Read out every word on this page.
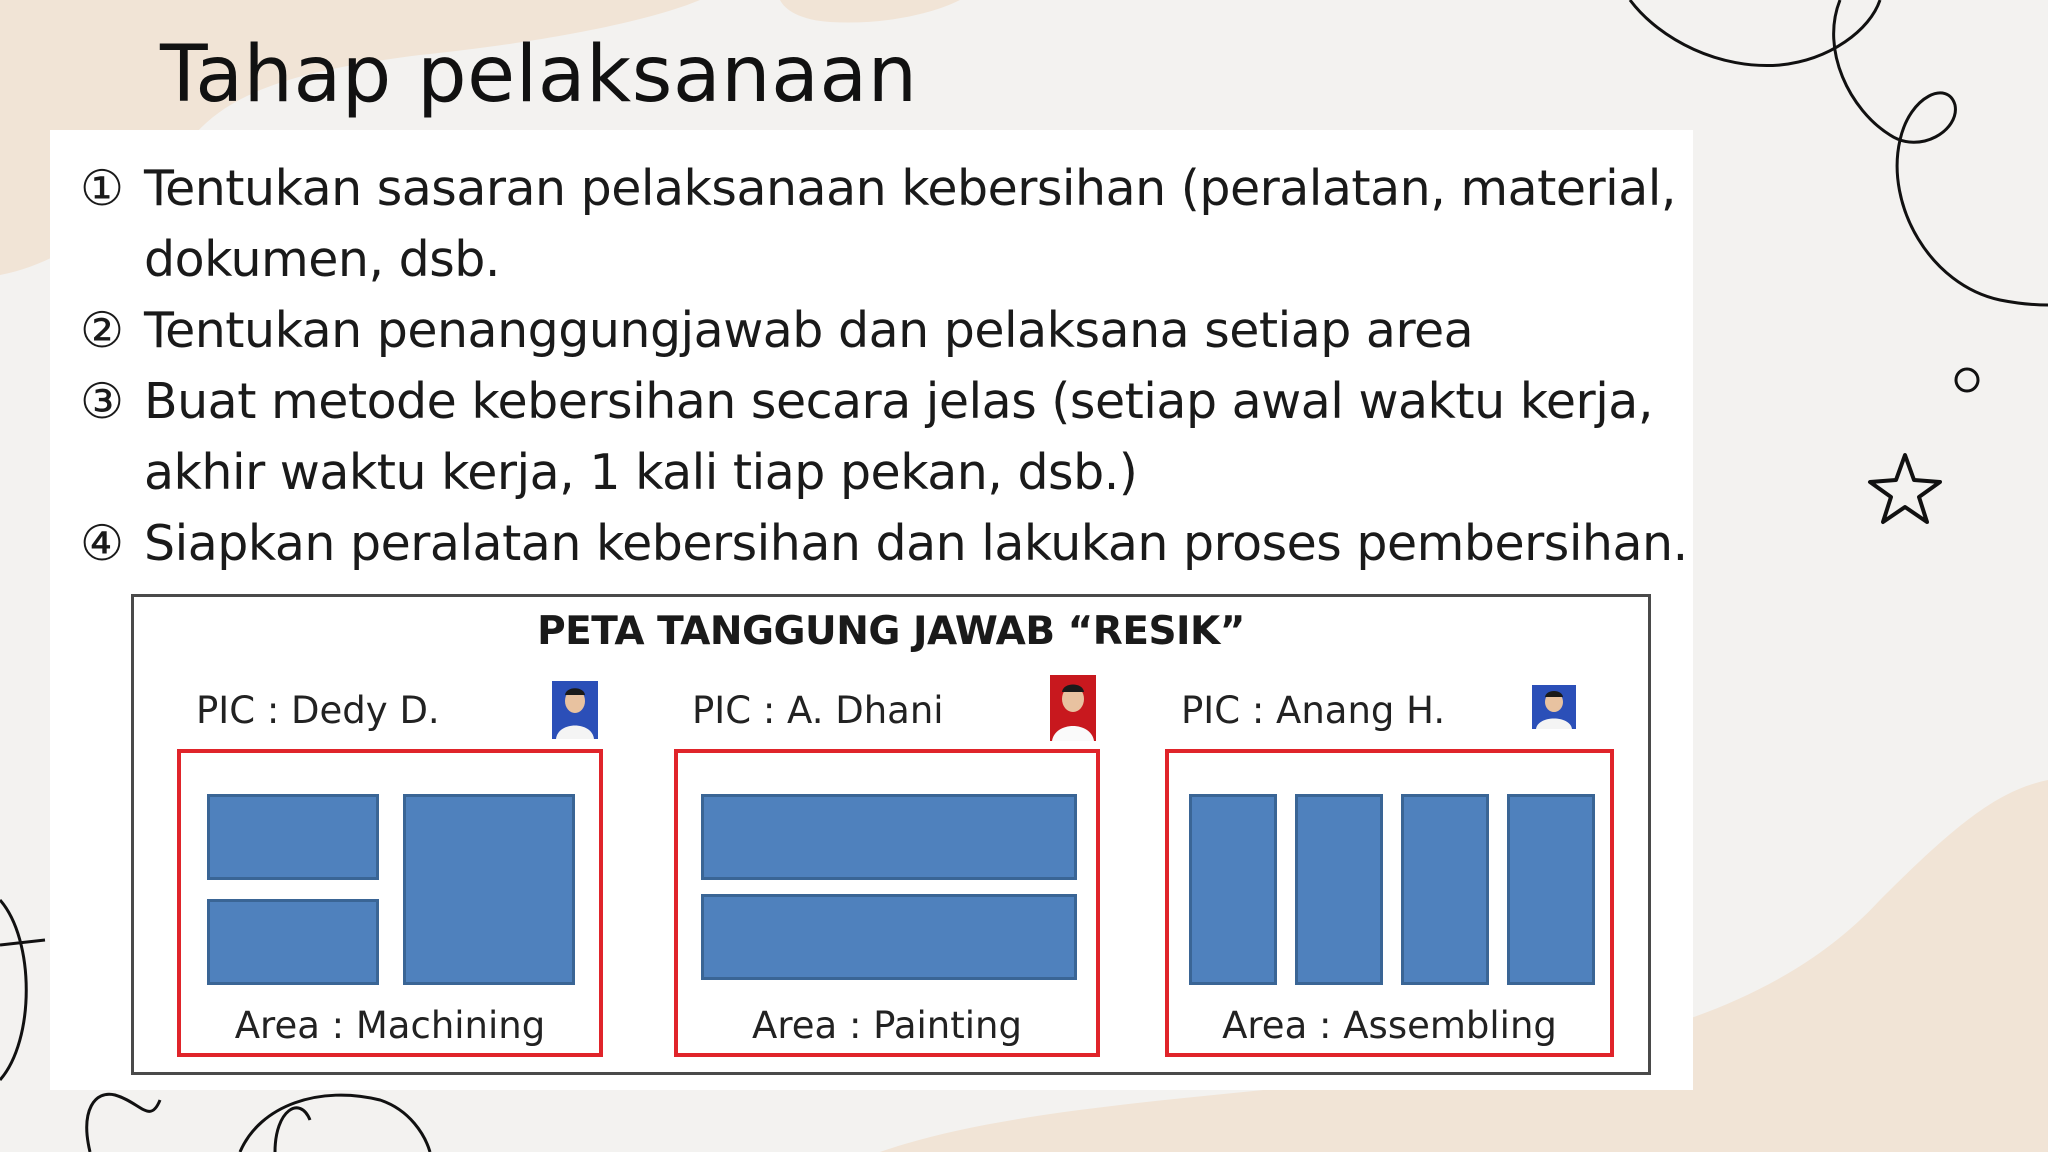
Tahap pelaksanaan
① Tentukan sasaran pelaksanaan kebersihan (peralatan, material,
dokumen, dsb.
② Tentukan penanggungjawab dan pelaksana setiap area
③ Buat metode kebersihan secara jelas (setiap awal waktu kerja,
akhir waktu kerja, 1 kali tiap pekan, dsb.)
④ Siapkan peralatan kebersihan dan lakukan proses pembersihan.
PETA TANGGUNG JAWAB “RESIK”
PIC : Dedy D.
Area : Machining
PIC : A. Dhani
Area : Painting
PIC : Anang H.
Area : Assembling
